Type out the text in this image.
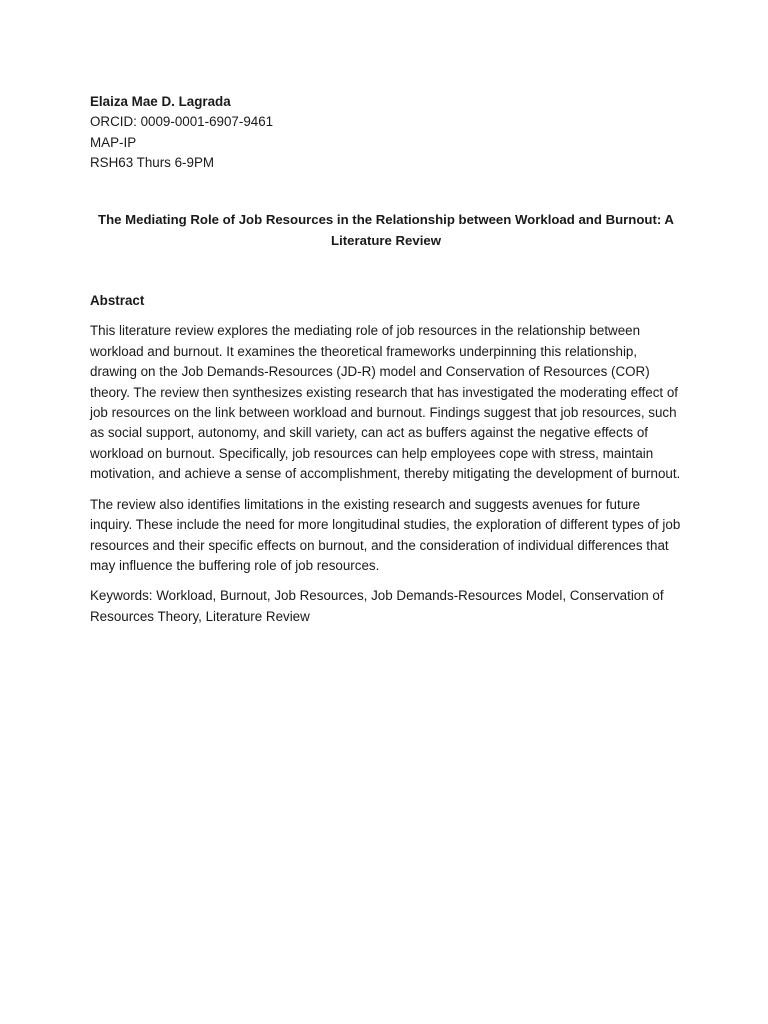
Elaiza Mae D. Lagrada

ORCID: 0009-0001-6907-9461

MAP-IP

RSH63 Thurs 6-9PM

The Mediating Role of Job Resources in the Relationship between Workload and Burnout: A Literature Review

Abstract

This literature review explores the mediating role of job resources in the relationship between workload and burnout. It examines the theoretical frameworks underpinning this relationship, drawing on the Job Demands-Resources (JD-R) model and Conservation of Resources (COR) theory. The review then synthesizes existing research that has investigated the moderating effect of job resources on the link between workload and burnout. Findings suggest that job resources, such as social support, autonomy, and skill variety, can act as buffers against the negative effects of workload on burnout. Specifically, job resources can help employees cope with stress, maintain motivation, and achieve a sense of accomplishment, thereby mitigating the development of burnout.

The review also identifies limitations in the existing research and suggests avenues for future inquiry. These include the need for more longitudinal studies, the exploration of different types of job resources and their specific effects on burnout, and the consideration of individual differences that may influence the buffering role of job resources.

Keywords: Workload, Burnout, Job Resources, Job Demands-Resources Model, Conservation of Resources Theory, Literature Review
